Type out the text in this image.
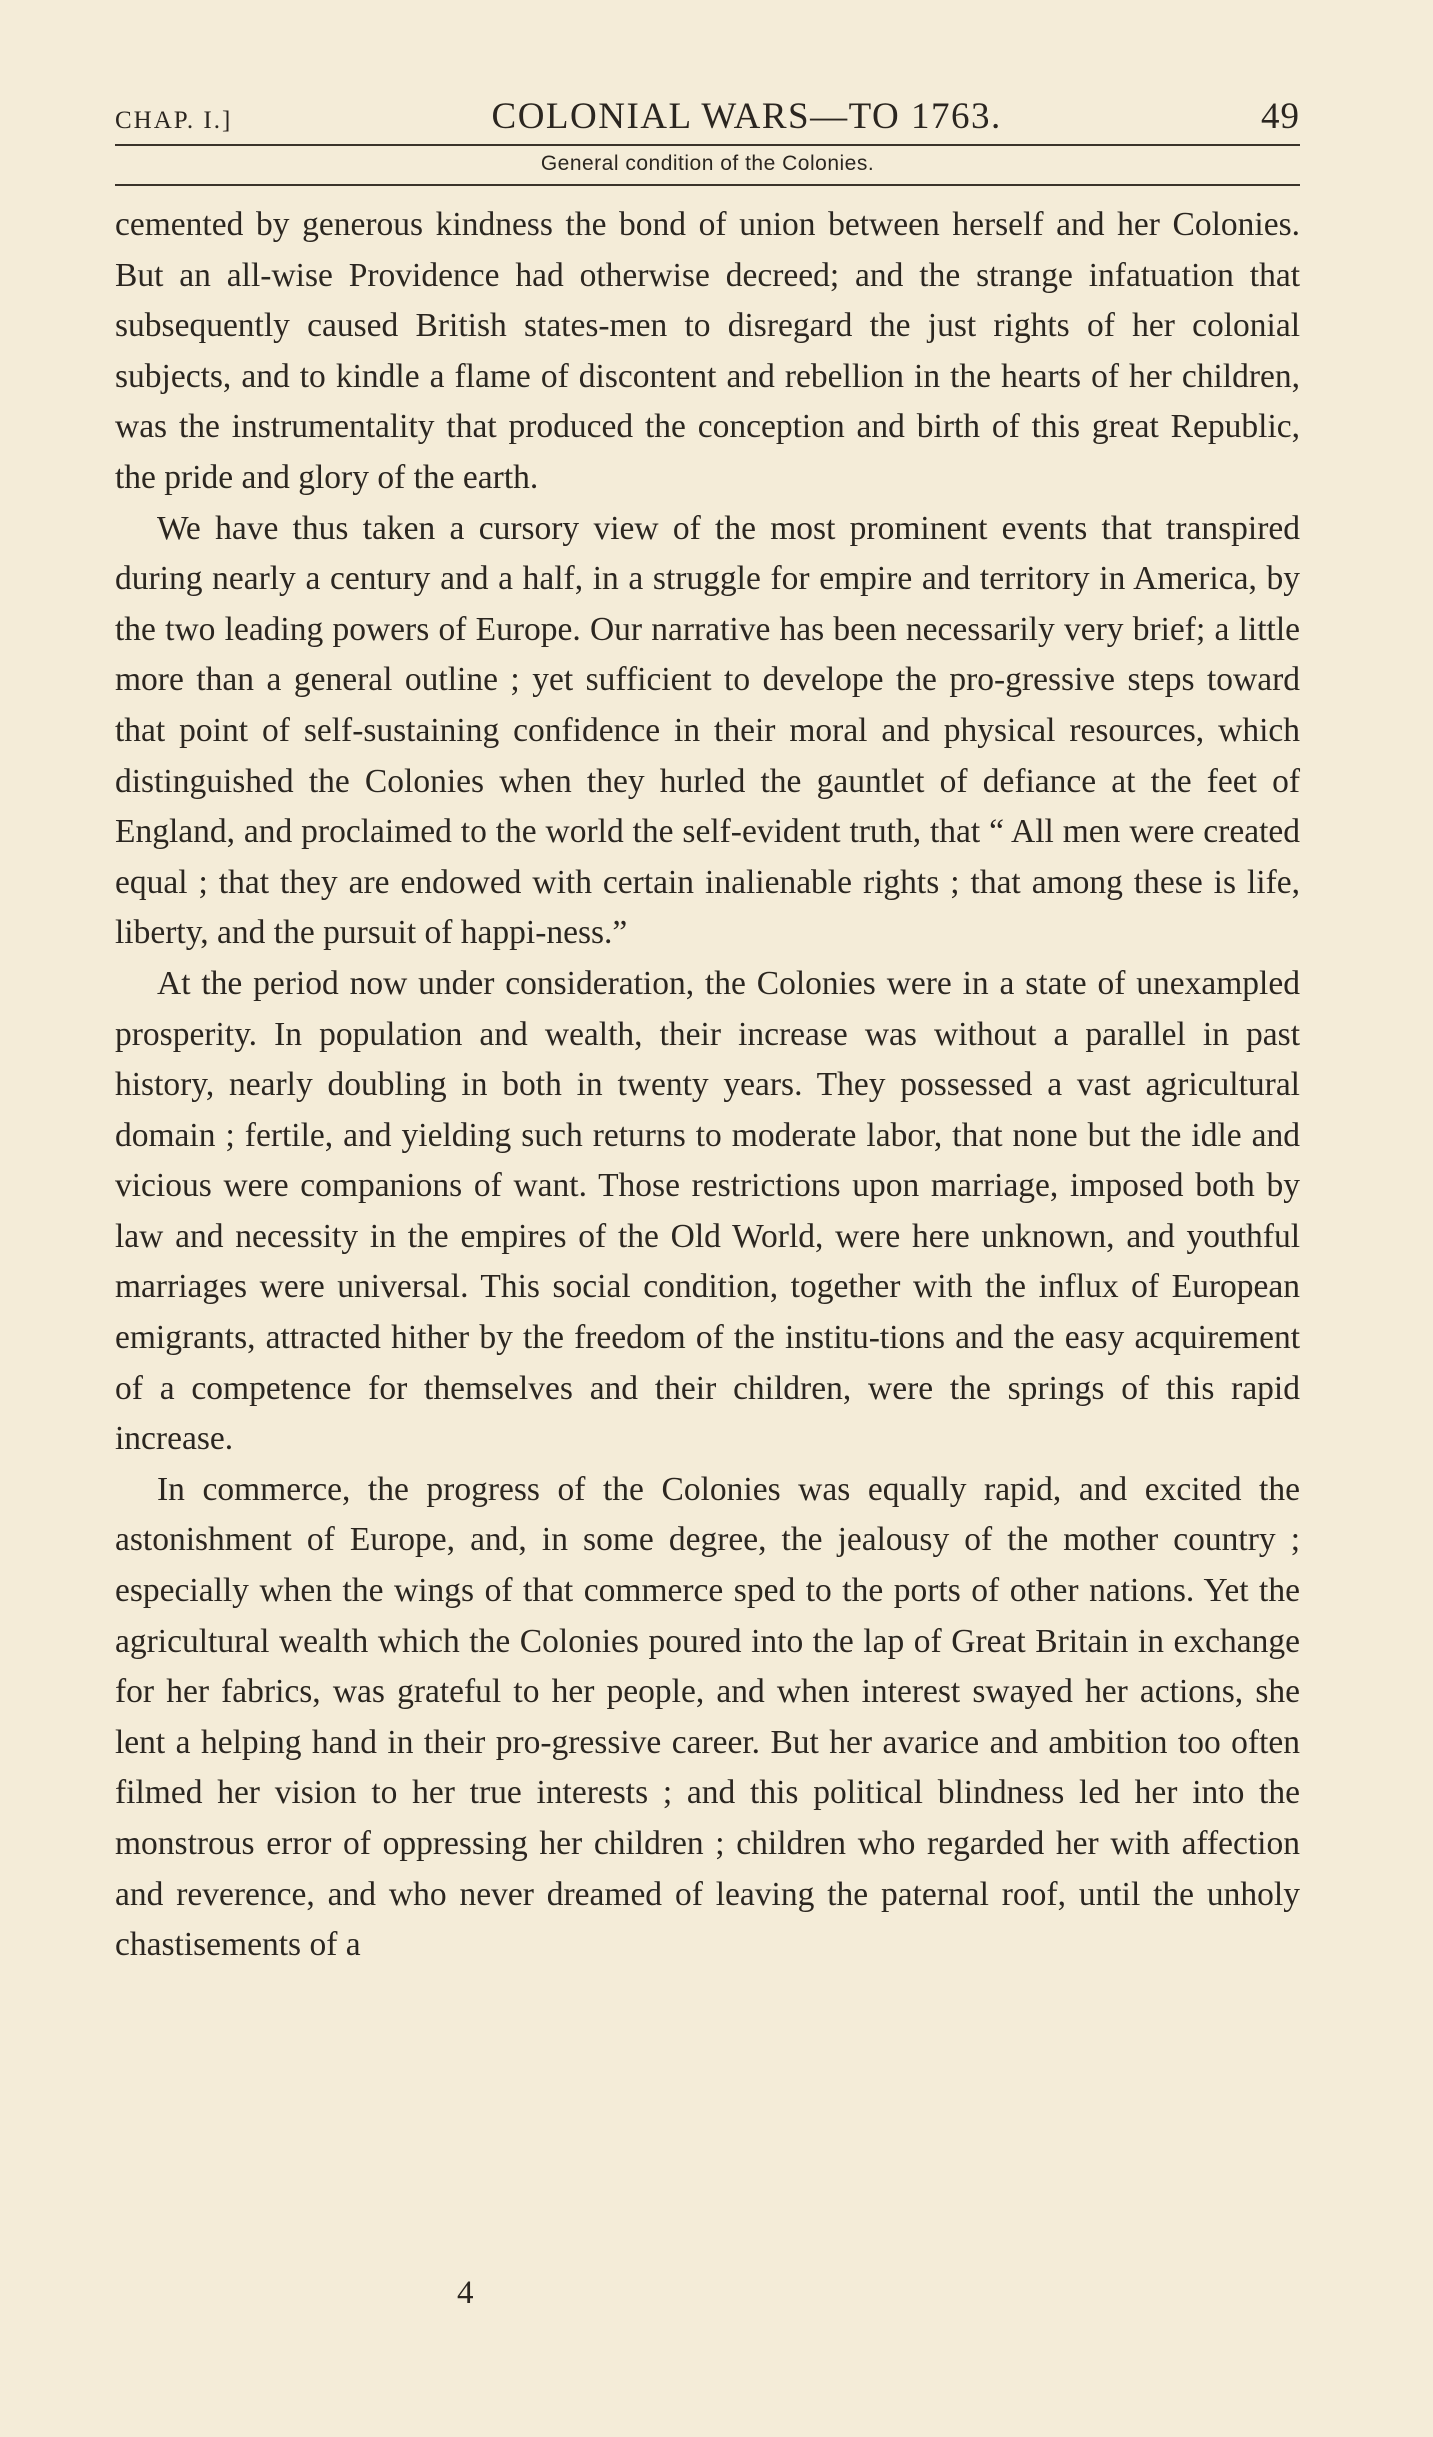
CHAP. I.]	COLONIAL WARS—TO 1763.	49
General condition of the Colonies.

cemented by generous kindness the bond of union between herself and her Colonies. But an all-wise Providence had otherwise decreed; and the strange infatuation that subsequently caused British states-men to disregard the just rights of her colonial subjects, and to kindle a flame of discontent and rebellion in the hearts of her children, was the instrumentality that produced the conception and birth of this great Republic, the pride and glory of the earth.

We have thus taken a cursory view of the most prominent events that transpired during nearly a century and a half, in a struggle for empire and territory in America, by the two leading powers of Europe. Our narrative has been necessarily very brief; a little more than a general outline ; yet sufficient to develope the pro-gressive steps toward that point of self-sustaining confidence in their moral and physical resources, which distinguished the Colonies when they hurled the gauntlet of defiance at the feet of England, and proclaimed to the world the self-evident truth, that “ All men were created equal ; that they are endowed with certain inalienable rights ; that among these is life, liberty, and the pursuit of happi-ness.”

At the period now under consideration, the Colonies were in a state of unexampled prosperity. In population and wealth, their increase was without a parallel in past history, nearly doubling in both in twenty years. They possessed a vast agricultural domain ; fertile, and yielding such returns to moderate labor, that none but the idle and vicious were companions of want. Those restrictions upon marriage, imposed both by law and necessity in the empires of the Old World, were here unknown, and youthful marriages were universal. This social condition, together with the influx of European emigrants, attracted hither by the freedom of the institu-tions and the easy acquirement of a competence for themselves and their children, were the springs of this rapid increase.

In commerce, the progress of the Colonies was equally rapid, and excited the astonishment of Europe, and, in some degree, the jealousy of the mother country ; especially when the wings of that commerce sped to the ports of other nations. Yet the agricultural wealth which the Colonies poured into the lap of Great Britain in exchange for her fabrics, was grateful to her people, and when interest swayed her actions, she lent a helping hand in their pro-gressive career. But her avarice and ambition too often filmed her vision to her true interests ; and this political blindness led her into the monstrous error of oppressing her children ; children who regarded her with affection and reverence, and who never dreamed of leaving the paternal roof, until the unholy chastisements of a

4
